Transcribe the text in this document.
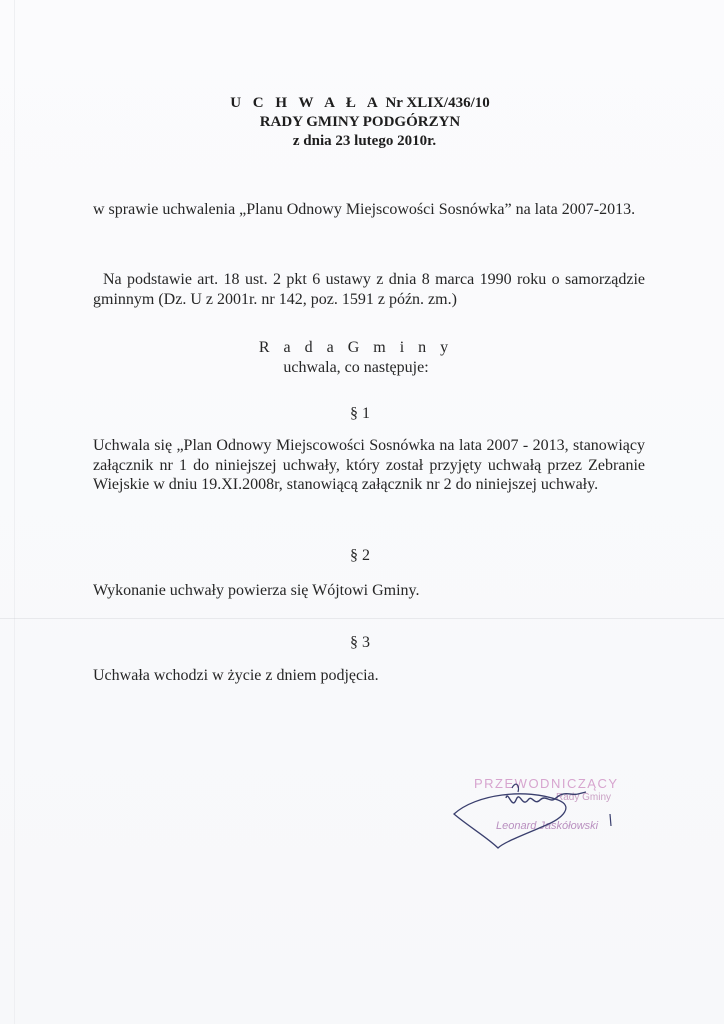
U C H W A Ł A Nr XLIX/436/10
RADY GMINY PODGÓRZYN
z dnia 23 lutego 2010r.
w sprawie uchwalenia „Planu Odnowy Miejscowości Sosnówka” na lata 2007-2013.
Na podstawie art. 18 ust. 2 pkt 6 ustawy z dnia 8 marca 1990 roku o samorządzie gminnym (Dz. U z 2001r. nr 142, poz. 1591 z późn. zm.)
R a d a G m i n y
uchwala, co następuje:
§ 1
Uchwala się „Plan Odnowy Miejscowości Sosnówka na lata 2007 - 2013, stanowiący załącznik nr 1 do niniejszej uchwały, który został przyjęty uchwałą przez Zebranie Wiejskie w dniu 19.XI.2008r, stanowiącą załącznik nr 2 do niniejszej uchwały.
§ 2
Wykonanie uchwały powierza się Wójtowi Gminy.
§ 3
Uchwała wchodzi w życie z dniem podjęcia.
PRZEWODNICZĄCY
Rady Gminy
Leonard Jaskółowski
